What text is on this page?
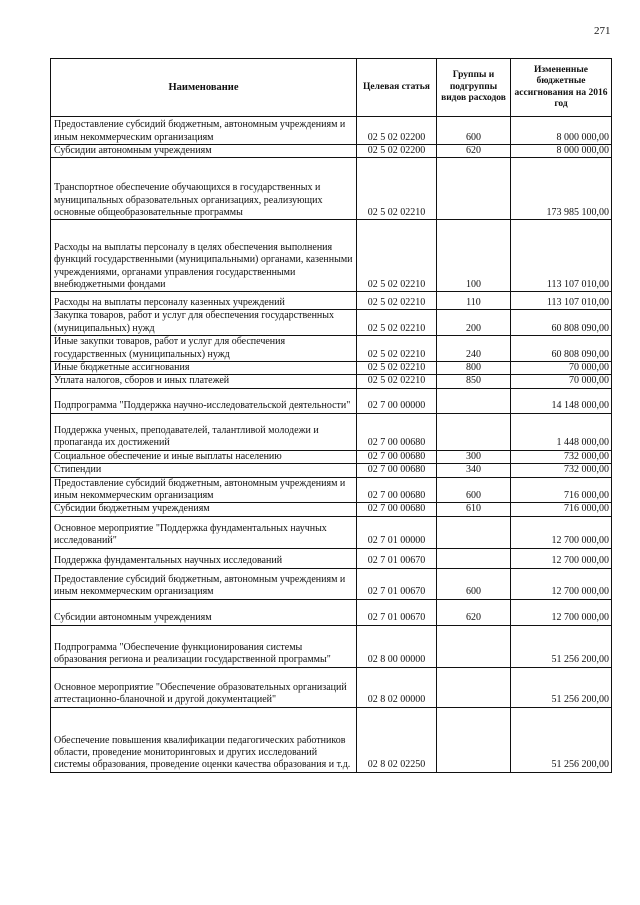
271
Наименование	Целевая статья	Группы и подгруппы видов расходов	Измененные бюджетные ассигнования на 2016 год
Предоставление субсидий бюджетным, автономным учреждениям и иным некоммерческим организациям	02 5 02 02200	600	8 000 000,00
Субсидии автономным учреждениям	02 5 02 02200	620	8 000 000,00
Транспортное обеспечение обучающихся в государственных и муниципальных образовательных организациях, реализующих основные общеобразовательные программы	02 5 02 02210		173 985 100,00
Расходы на выплаты персоналу в целях обеспечения выполнения функций государственными (муниципальными) органами, казенными учреждениями, органами управления государственными внебюджетными фондами	02 5 02 02210	100	113 107 010,00
Расходы на выплаты персоналу казенных учреждений	02 5 02 02210	110	113 107 010,00
Закупка товаров, работ и услуг для обеспечения государственных (муниципальных) нужд	02 5 02 02210	200	60 808 090,00
Иные закупки товаров, работ и услуг для обеспечения государственных (муниципальных) нужд	02 5 02 02210	240	60 808 090,00
Иные бюджетные ассигнования	02 5 02 02210	800	70 000,00
Уплата налогов, сборов и иных платежей	02 5 02 02210	850	70 000,00
Подпрограмма "Поддержка научно-исследовательской деятельности"	02 7 00 00000		14 148 000,00
Поддержка ученых, преподавателей, талантливой молодежи и пропаганда их достижений	02 7 00 00680		1 448 000,00
Социальное обеспечение и иные выплаты населению	02 7 00 00680	300	732 000,00
Стипендии	02 7 00 00680	340	732 000,00
Предоставление субсидий бюджетным, автономным учреждениям и иным некоммерческим организациям	02 7 00 00680	600	716 000,00
Субсидии бюджетным учреждениям	02 7 00 00680	610	716 000,00
Основное мероприятие "Поддержка фундаментальных научных исследований"	02 7 01 00000		12 700 000,00
Поддержка фундаментальных научных исследований	02 7 01 00670		12 700 000,00
Предоставление субсидий бюджетным, автономным учреждениям и иным некоммерческим организациям	02 7 01 00670	600	12 700 000,00
Субсидии автономным учреждениям	02 7 01 00670	620	12 700 000,00
Подпрограмма "Обеспечение функционирования системы образования региона и реализации государственной программы"	02 8 00 00000		51 256 200,00
Основное мероприятие "Обеспечение образовательных организаций аттестационно-бланочной и другой документацией"	02 8 02 00000		51 256 200,00
Обеспечение повышения квалификации педагогических работников области, проведение мониторинговых и других исследований системы образования, проведение оценки качества образования и т.д.	02 8 02 02250		51 256 200,00
